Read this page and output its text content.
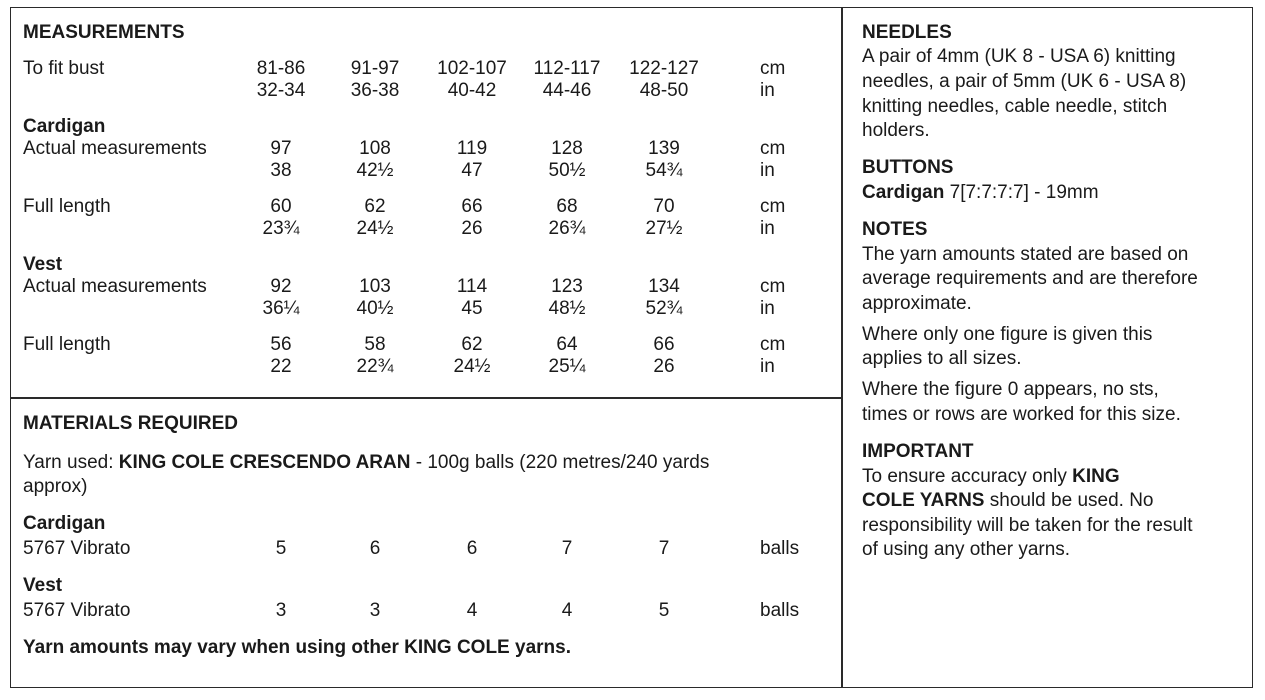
MEASUREMENTS
To fit bust	81-86	91-97	102-107	112-117	122-127	cm
32-34	36-38	40-42	44-46	48-50	in
Cardigan
Actual measurements	97	108	119	128	139	cm
38	42½	47	50½	54¾	in
Full length	60	62	66	68	70	cm
23¾	24½	26	26¾	27½	in
Vest
Actual measurements	92	103	114	123	134	cm
36¼	40½	45	48½	52¾	in
Full length	56	58	62	64	66	cm
22	22¾	24½	25¼	26	in
MATERIALS REQUIRED
Yarn used: KING COLE CRESCENDO ARAN - 100g balls (220 metres/240 yards
approx)
Cardigan
5767 Vibrato	5	6	6	7	7	balls
Vest
5767 Vibrato	3	3	4	4	5	balls
Yarn amounts may vary when using other KING COLE yarns.
NEEDLES
A pair of 4mm (UK 8 - USA 6) knitting
needles, a pair of 5mm (UK 6 - USA 8)
knitting needles, cable needle, stitch
holders.
BUTTONS
Cardigan 7[7:7:7:7] - 19mm
NOTES
The yarn amounts stated are based on
average requirements and are therefore
approximate.
Where only one figure is given this
applies to all sizes.
Where the figure 0 appears, no sts,
times or rows are worked for this size.
IMPORTANT
To ensure accuracy only KING
COLE YARNS should be used. No
responsibility will be taken for the result
of using any other yarns.
